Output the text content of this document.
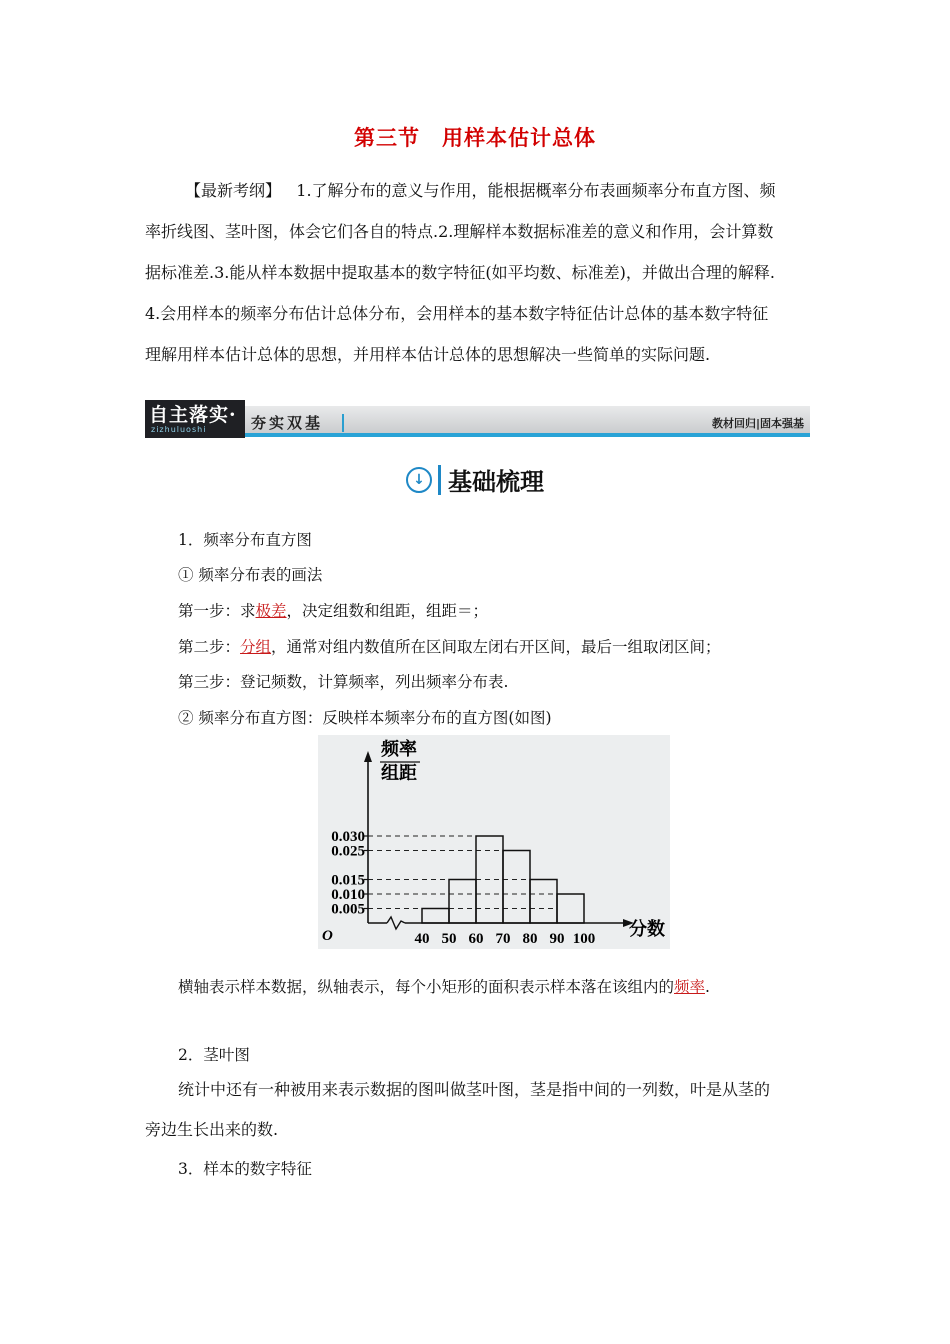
第三节　用样本估计总体
【最新考纲】 1.了解分布的意义与作用，能根据概率分布表画频率分布直方图、频
率折线图、茎叶图，体会它们各自的特点.2.理解样本数据标准差的意义和作用，会计算数
据标准差.3.能从样本数据中提取基本的数字特征(如平均数、标准差)，并做出合理的解释.
4.会用样本的频率分布估计总体分布，会用样本的基本数字特征估计总体的基本数字特征
理解用样本估计总体的思想，并用样本估计总体的思想解决一些简单的实际问题.
自主落实·
zizhuluoshi	夯实双基	教材回归|固本强基
↓ 基础梳理
1．频率分布直方图
① 频率分布表的画法
第一步：求极差，决定组数和组距，组距＝；
第二步：分组，通常对组内数值所在区间取左闭右开区间，最后一组取闭区间；
第三步：登记频数，计算频率，列出频率分布表.
② 频率分布直方图：反映样本频率分布的直方图(如图)
0.005
0.010
0.015
0.025
0.030
40 50 60 70 80 90 100
O
频率
组距
分数
横轴表示样本数据，纵轴表示，每个小矩形的面积表示样本落在该组内的频率.
2．茎叶图
统计中还有一种被用来表示数据的图叫做茎叶图，茎是指中间的一列数，叶是从茎的
旁边生长出来的数.
3．样本的数字特征
